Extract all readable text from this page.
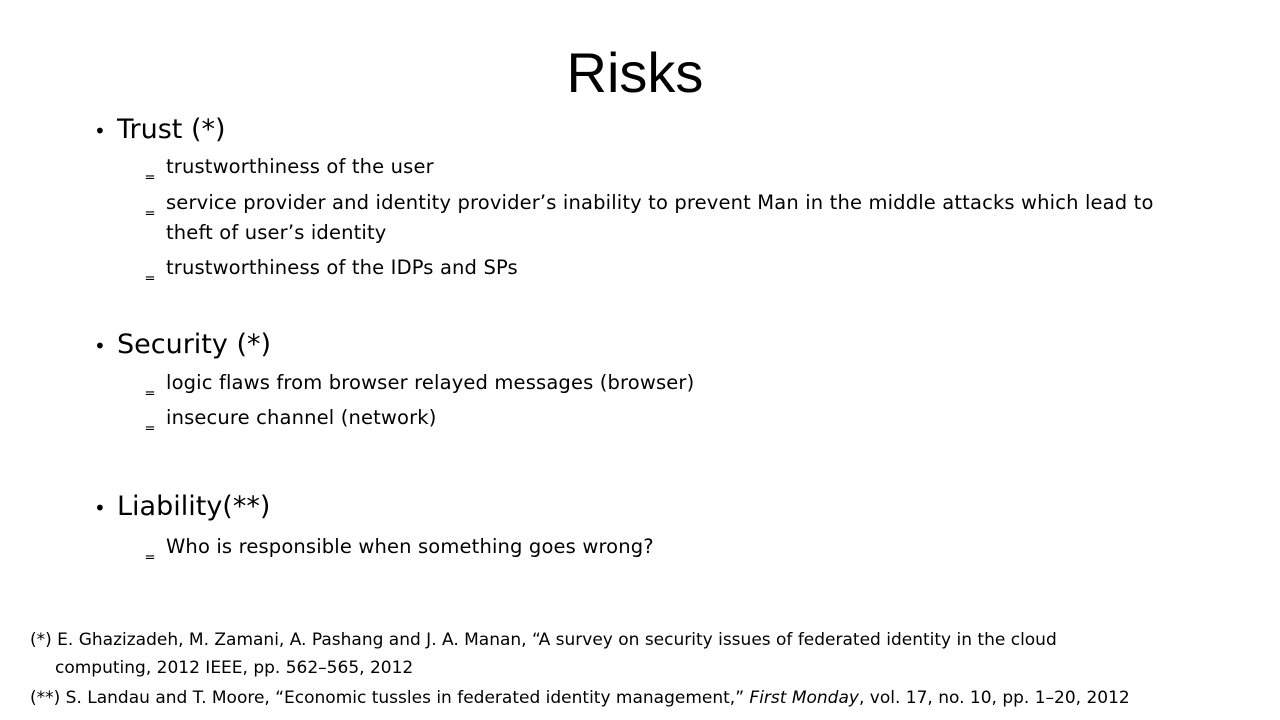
Risks
• Trust (*)
‗ trustworthiness of the user
‗ service provider and identity provider’s inability to prevent Man in the middle attacks which lead to theft of user’s identity
‗ trustworthiness of the IDPs and SPs
• Security (*)
‗ logic flaws from browser relayed messages (browser)
‗ insecure channel (network)
• Liability(**)
‗ Who is responsible when something goes wrong?
(*) E. Ghazizadeh, M. Zamani, A. Pashang and J. A. Manan, “A survey on security issues of federated identity in the cloud
computing, 2012 IEEE, pp. 562–565, 2012
(**) S. Landau and T. Moore, “Economic tussles in federated identity management,” First Monday, vol. 17, no. 10, pp. 1–20, 2012
